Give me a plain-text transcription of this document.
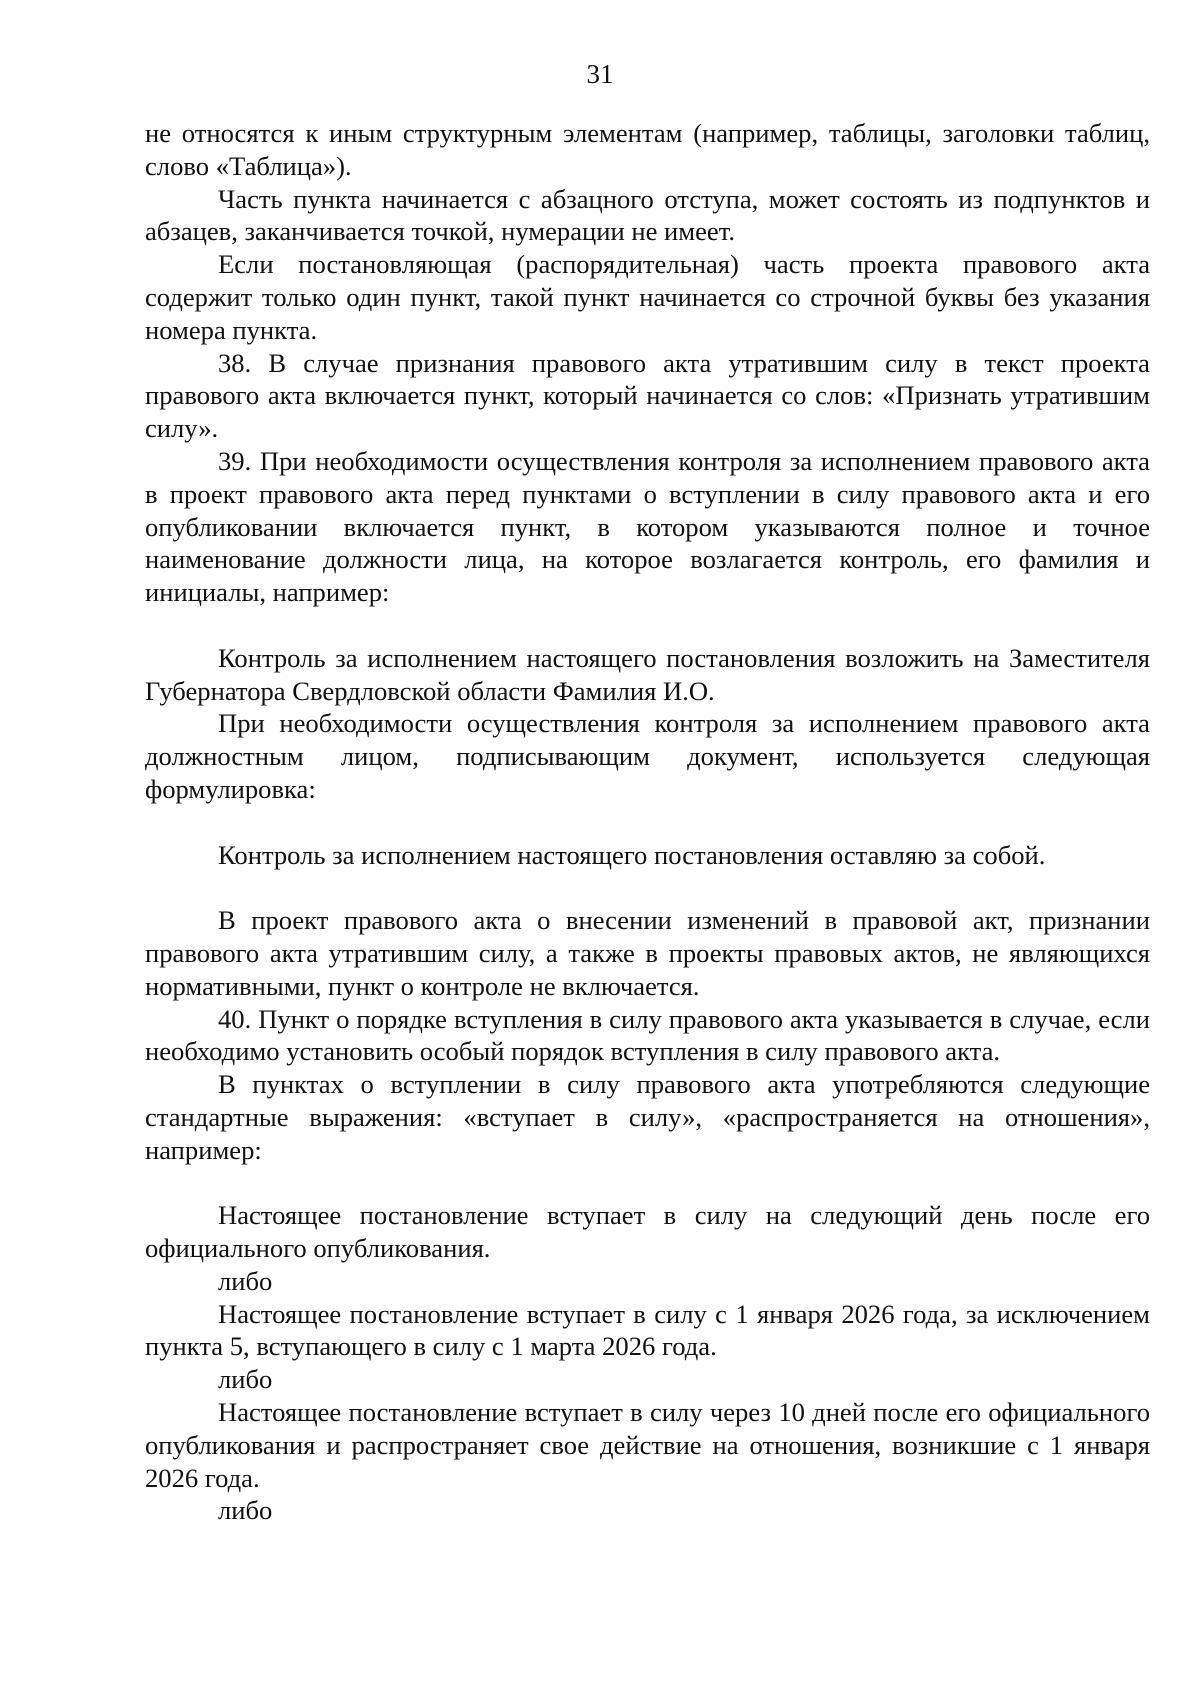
31

не относятся к иным структурным элементам (например, таблицы, заголовки таблиц, слово «Таблица»).

Часть пункта начинается с абзацного отступа, может состоять из подпунктов и абзацев, заканчивается точкой, нумерации не имеет.

Если постановляющая (распорядительная) часть проекта правового акта содержит только один пункт, такой пункт начинается со строчной буквы без указания номера пункта.

38. В случае признания правового акта утратившим силу в текст проекта правового акта включается пункт, который начинается со слов: «Признать утратившим силу».

39. При необходимости осуществления контроля за исполнением правового акта в проект правового акта перед пунктами о вступлении в силу правового акта и его опубликовании включается пункт, в котором указываются полное и точное наименование должности лица, на которое возлагается контроль, его фамилия и инициалы, например:

Контроль за исполнением настоящего постановления возложить на Заместителя Губернатора Свердловской области Фамилия И.О.

При необходимости осуществления контроля за исполнением правового акта должностным лицом, подписывающим документ, используется следующая формулировка:

Контроль за исполнением настоящего постановления оставляю за собой.

В проект правового акта о внесении изменений в правовой акт, признании правового акта утратившим силу, а также в проекты правовых актов, не являющихся нормативными, пункт о контроле не включается.

40. Пункт о порядке вступления в силу правового акта указывается в случае, если необходимо установить особый порядок вступления в силу правового акта.

В пунктах о вступлении в силу правового акта употребляются следующие стандартные выражения: «вступает в силу», «распространяется на отношения», например:

Настоящее постановление вступает в силу на следующий день после его официального опубликования.

либо

Настоящее постановление вступает в силу с 1 января 2026 года, за исключением пункта 5, вступающего в силу с 1 марта 2026 года.

либо

Настоящее постановление вступает в силу через 10 дней после его официального опубликования и распространяет свое действие на отношения, возникшие с 1 января 2026 года.

либо
